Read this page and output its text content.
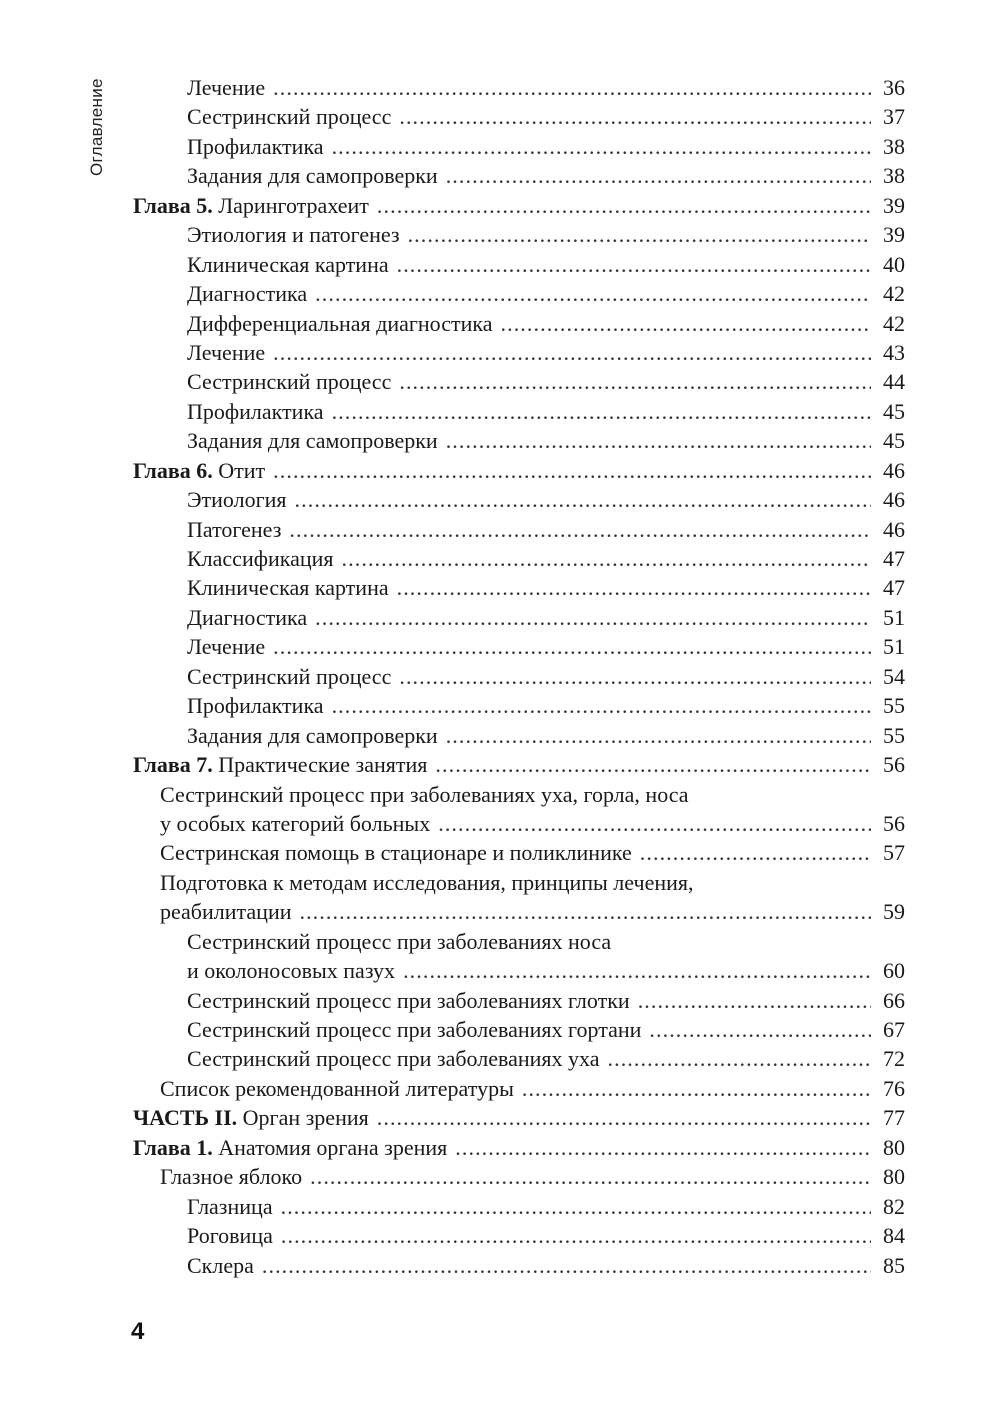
Оглавление	Лечение . . .	36
Сестринский процесс . . .	37
Профилактика . . .	38
Задания для самопроверки . . .	38
Глава 5. Ларинготрахеит . . .	39
Этиология и патогенез . . .	39
Клиническая картина . . .	40
Диагностика . . .	42
Дифференциальная диагностика . . .	42
Лечение . . .	43
Сестринский процесс . . .	44
Профилактика . . .	45
Задания для самопроверки . . .	45
Глава 6. Отит . . .	46
Этиология . . .	46
Патогенез . . .	46
Классификация . . .	47
Клиническая картина . . .	47
Диагностика . . .	51
Лечение . . .	51
Сестринский процесс . . .	54
Профилактика . . .	55
Задания для самопроверки . . .	55
Глава 7. Практические занятия . . .	56
Сестринский процесс при заболеваниях уха, горла, носа
у особых категорий больных . . .	56
Сестринская помощь в стационаре и поликлинике . . .	57
Подготовка к методам исследования, принципы лечения,
реабилитации . . .	59
Сестринский процесс при заболеваниях носа
и околоносовых пазух . . .	60
Сестринский процесс при заболеваниях глотки . . .	66
Сестринский процесс при заболеваниях гортани . . .	67
Сестринский процесс при заболеваниях уха . . .	72
Список рекомендованной литературы . . .	76
ЧАСТЬ II. Орган зрения . . .	77
Глава 1. Анатомия органа зрения . . .	80
Глазное яблоко . . .	80
Глазница . . .	82
Роговица . . .	84
Склера . . .	85
4
